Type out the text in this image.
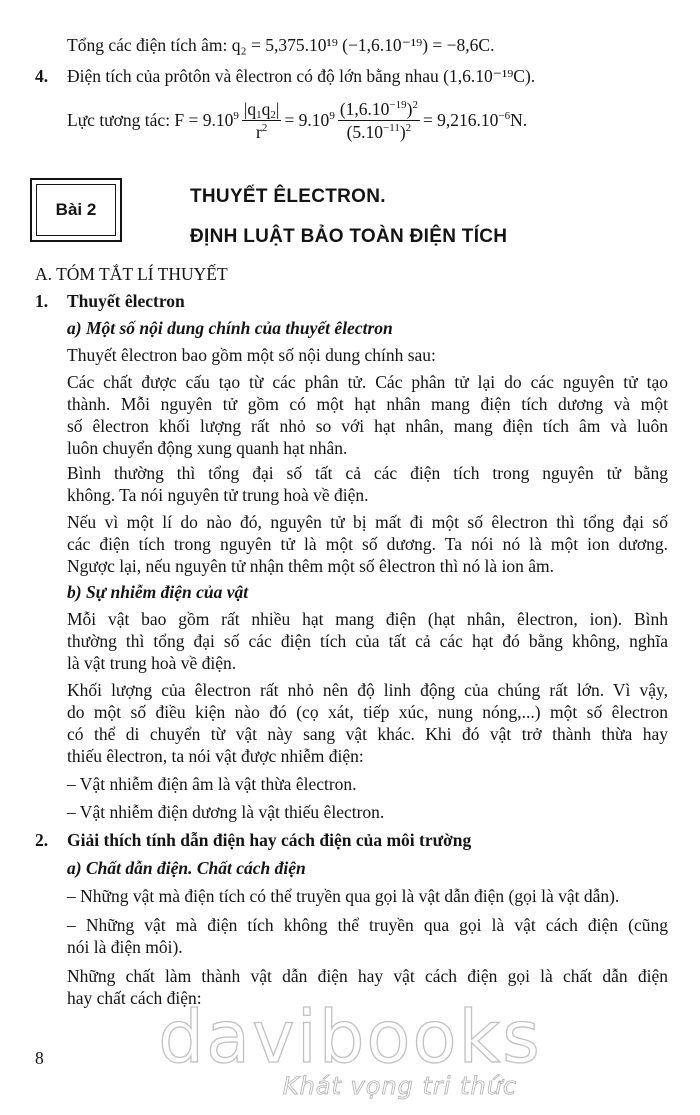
Tổng các điện tích âm: q₂ = 5,375.10¹⁹ (−1,6.10⁻¹⁹) = −8,6C.
4. Điện tích của prôtôn và êlectron có độ lớn bằng nhau (1,6.10⁻¹⁹C).
Lực tương tác: $F = 9.10^9 \frac{|q_1q_2|}{r^2} = 9.10^9 \frac{(1,6.10^{-19})^2}{(5.10^{-11})^2} = 9,216.10^{-6}N$.
Bài 2
THUYẾT ÊLECTRON.
ĐỊNH LUẬT BẢO TOÀN ĐIỆN TÍCH
A. TÓM TẮT LÍ THUYẾT
1. Thuyết êlectron
a) Một số nội dung chính của thuyết êlectron
Thuyết êlectron bao gồm một số nội dung chính sau:
Các chất được cấu tạo từ các phân tử. Các phân tử lại do các nguyên tử tạo
thành. Mỗi nguyên tử gồm có một hạt nhân mang điện tích dương và một
số êlectron khối lượng rất nhỏ so với hạt nhân, mang điện tích âm và luôn
luôn chuyển động xung quanh hạt nhân.
Bình thường thì tổng đại số tất cả các điện tích trong nguyên tử bằng
không. Ta nói nguyên tử trung hoà về điện.
Nếu vì một lí do nào đó, nguyên tử bị mất đi một số êlectron thì tổng đại số
các điện tích trong nguyên tử là một số dương. Ta nói nó là một ion dương.
Ngược lại, nếu nguyên tử nhận thêm một số êlectron thì nó là ion âm.
b) Sự nhiễm điện của vật
Mỗi vật bao gồm rất nhiều hạt mang điện (hạt nhân, êlectron, ion). Bình
thường thì tổng đại số các điện tích của tất cả các hạt đó bằng không, nghĩa
là vật trung hoà về điện.
Khối lượng của êlectron rất nhỏ nên độ linh động của chúng rất lớn. Vì vậy,
do một số điều kiện nào đó (cọ xát, tiếp xúc, nung nóng,...) một số êlectron
có thể di chuyển từ vật này sang vật khác. Khi đó vật trở thành thừa hay
thiếu êlectron, ta nói vật được nhiễm điện:
– Vật nhiễm điện âm là vật thừa êlectron.
– Vật nhiễm điện dương là vật thiếu êlectron.
2. Giải thích tính dẫn điện hay cách điện của môi trường
a) Chất dẫn điện. Chất cách điện
– Những vật mà điện tích có thể truyền qua gọi là vật dẫn điện (gọi là vật dẫn).
– Những vật mà điện tích không thể truyền qua gọi là vật cách điện (cũng
nói là điện môi).
Những chất làm thành vật dẫn điện hay vật cách điện gọi là chất dẫn điện
hay chất cách điện:
davibooks
Khát vọng tri thức
8
